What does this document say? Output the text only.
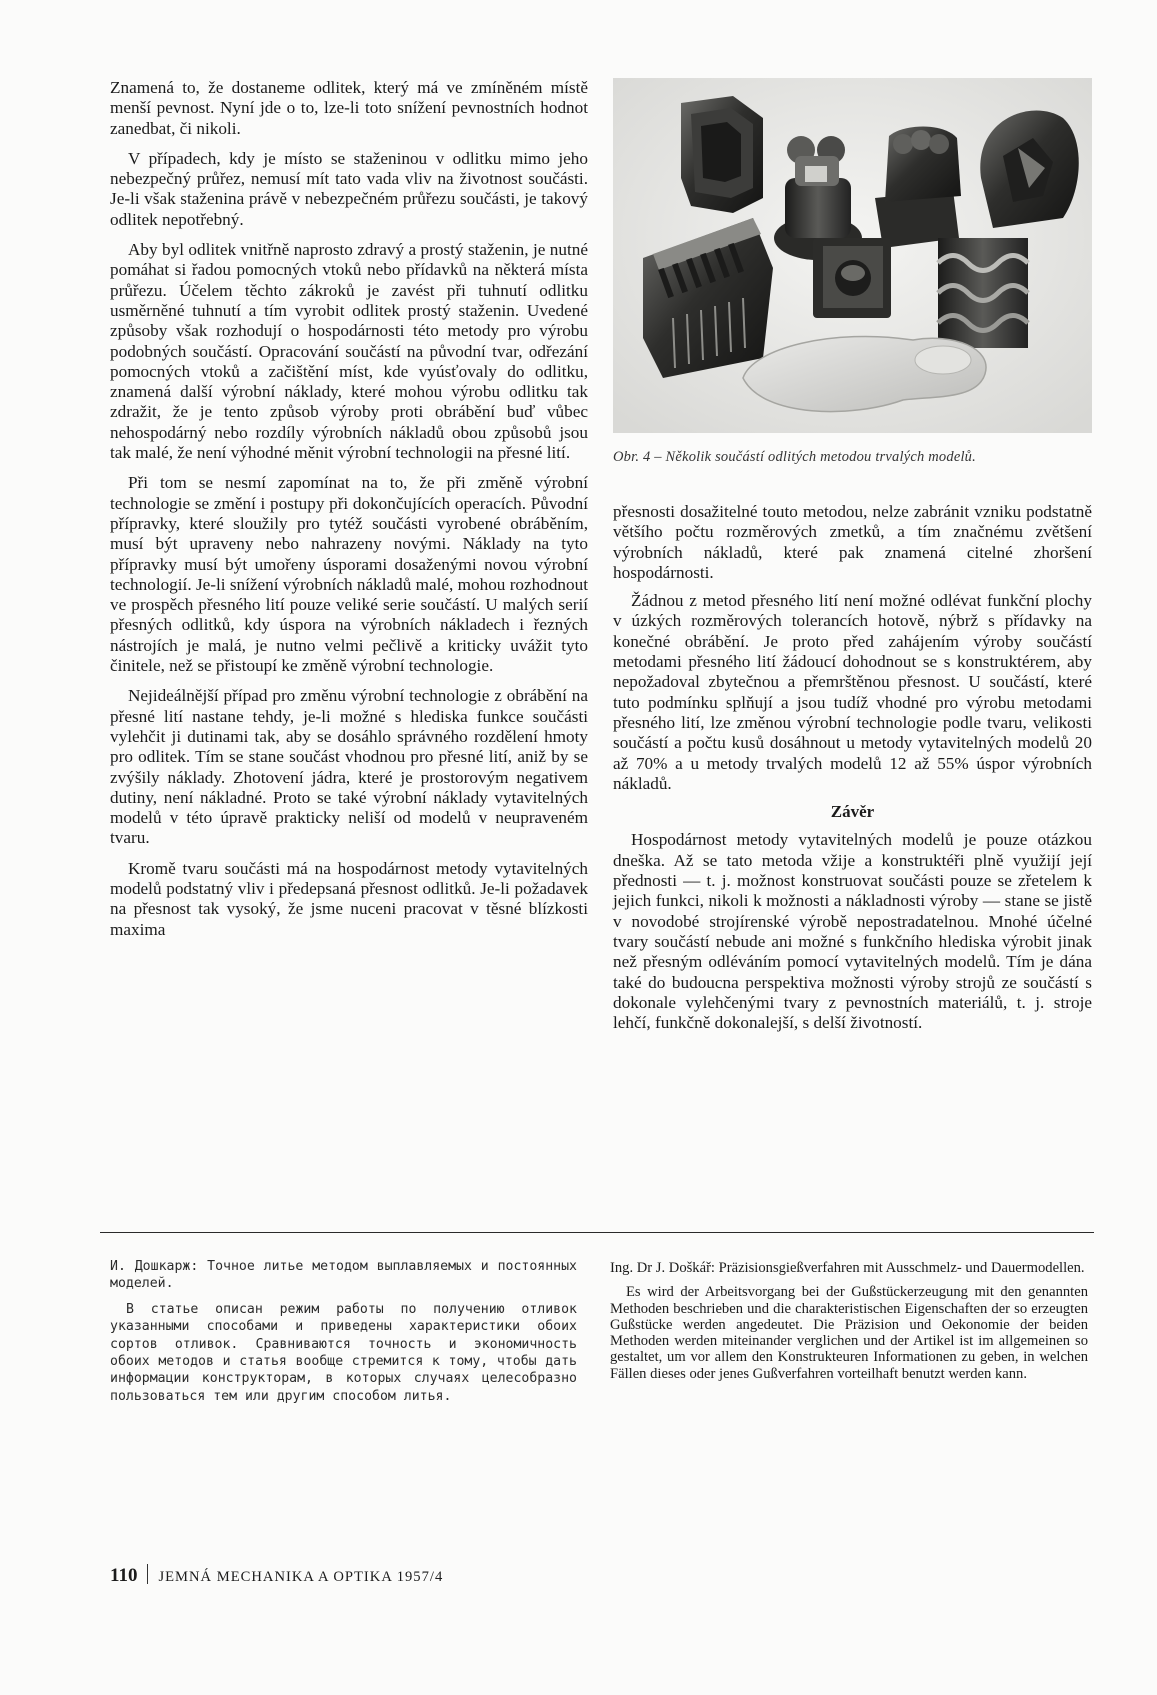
Znamená to, že dostaneme odlitek, který má ve zmíněném místě menší pevnost. Nyní jde o to, lze-li toto snížení pevnostních hodnot zanedbat, či nikoli.

V případech, kdy je místo se staženinou v odlitku mimo jeho nebezpečný průřez, nemusí mít tato vada vliv na životnost součásti. Je-li však staženina právě v nebezpečném průřezu součásti, je takový odlitek nepotřebný.

Aby byl odlitek vnitřně naprosto zdravý a prostý staženin, je nutné pomáhat si řadou pomocných vtoků nebo přídavků na některá místa průřezu. Účelem těchto zákroků je zavést při tuhnutí odlitku usměrněné tuhnutí a tím vyrobit odlitek prostý staženin. Uvedené způsoby však rozhodují o hospodárnosti této metody pro výrobu podobných součástí. Opracování součástí na původní tvar, odřezání pomocných vtoků a začištění míst, kde vyúsťovaly do odlitku, znamená další výrobní náklady, které mohou výrobu odlitku tak zdražit, že je tento způsob výroby proti obrábění buď vůbec nehospodárný nebo rozdíly výrobních nákladů obou způsobů jsou tak malé, že není výhodné měnit výrobní technologii na přesné lití.

Při tom se nesmí zapomínat na to, že při změně výrobní technologie se změní i postupy při dokončujících operacích. Původní přípravky, které sloužily pro tytéž součásti vyrobené obráběním, musí být upraveny nebo nahrazeny novými. Náklady na tyto přípravky musí být umořeny úsporami dosaženými novou výrobní technologií. Je-li snížení výrobních nákladů malé, mohou rozhodnout ve prospěch přesného lití pouze veliké serie součástí. U malých serií přesných odlitků, kdy úspora na výrobních nákladech i řezných nástrojích je malá, je nutno velmi pečlivě a kriticky uvážit tyto činitele, než se přistoupí ke změně výrobní technologie.

Nejideálnější případ pro změnu výrobní technologie z obrábění na přesné lití nastane tehdy, je-li možné s hlediska funkce součásti vylehčit ji dutinami tak, aby se dosáhlo správného rozdělení hmoty pro odlitek. Tím se stane součást vhodnou pro přesné lití, aniž by se zvýšily náklady. Zhotovení jádra, které je prostorovým negativem dutiny, není nákladné. Proto se také výrobní náklady vytavitelných modelů v této úpravě prakticky neliší od modelů v neupraveném tvaru.

Kromě tvaru součásti má na hospodárnost metody vytavitelných modelů podstatný vliv i předepsaná přesnost odlitků. Je-li požadavek na přesnost tak vysoký, že jsme nuceni pracovat v těsné blízkosti maxima

Obr. 4 – Několik součástí odlitých metodou trvalých modelů.

přesnosti dosažitelné touto metodou, nelze zabránit vzniku podstatně většího počtu rozměrových zmetků, a tím značnému zvětšení výrobních nákladů, které pak znamená citelné zhoršení hospodárnosti.

Žádnou z metod přesného lití není možné odlévat funkční plochy v úzkých rozměrových tolerancích hotově, nýbrž s přídavky na konečné obrábění. Je proto před zahájením výroby součástí metodami přesného lití žádoucí dohodnout se s konstruktérem, aby nepožadoval zbytečnou a přemrštěnou přesnost. U součástí, které tuto podmínku splňují a jsou tudíž vhodné pro výrobu metodami přesného lití, lze změnou výrobní technologie podle tvaru, velikosti součástí a počtu kusů dosáhnout u metody vytavitelných modelů 20 až 70% a u metody trvalých modelů 12 až 55% úspor výrobních nákladů.

Závěr

Hospodárnost metody vytavitelných modelů je pouze otázkou dneška. Až se tato metoda vžije a konstruktéři plně využijí její přednosti — t. j. možnost konstruovat součásti pouze se zřetelem k jejich funkci, nikoli k možnosti a nákladnosti výroby — stane se jistě v novodobé strojírenské výrobě nepostradatelnou. Mnohé účelné tvary součástí nebude ani možné s funkčního hlediska výrobit jinak než přesným odléváním pomocí vytavitelných modelů. Tím je dána také do budoucna perspektiva možnosti výroby strojů ze součástí s dokonale vylehčenými tvary z pevnostních materiálů, t. j. stroje lehčí, funkčně dokonalejší, s delší životností.

И. Дошкарж: Точное литье методом выплавляемых и постоянных моделей.

В статье описан режим работы по получению отливок указанными способами и приведены характеристики обоих сортов отливок. Сравниваются точность и экономичность обоих методов и статья вообще стремится к тому, чтобы дать информации конструкторам, в которых случаях целесобразно пользоваться тем или другим способом литья.

Ing. Dr J. Doškář: Präzisionsgießverfahren mit Ausschmelz- und Dauermodellen.

Es wird der Arbeitsvorgang bei der Gußstückerzeugung mit den genannten Methoden beschrieben und die charakteristischen Eigenschaften der so erzeugten Gußstücke werden angedeutet. Die Präzision und Oekonomie der beiden Methoden werden miteinander verglichen und der Artikel ist im allgemeinen so gestaltet, um vor allem den Konstrukteuren Informationen zu geben, in welchen Fällen dieses oder jenes Gußverfahren vorteilhaft benutzt werden kann.

110 JEMNÁ MECHANIKA A OPTIKA 1957/4
